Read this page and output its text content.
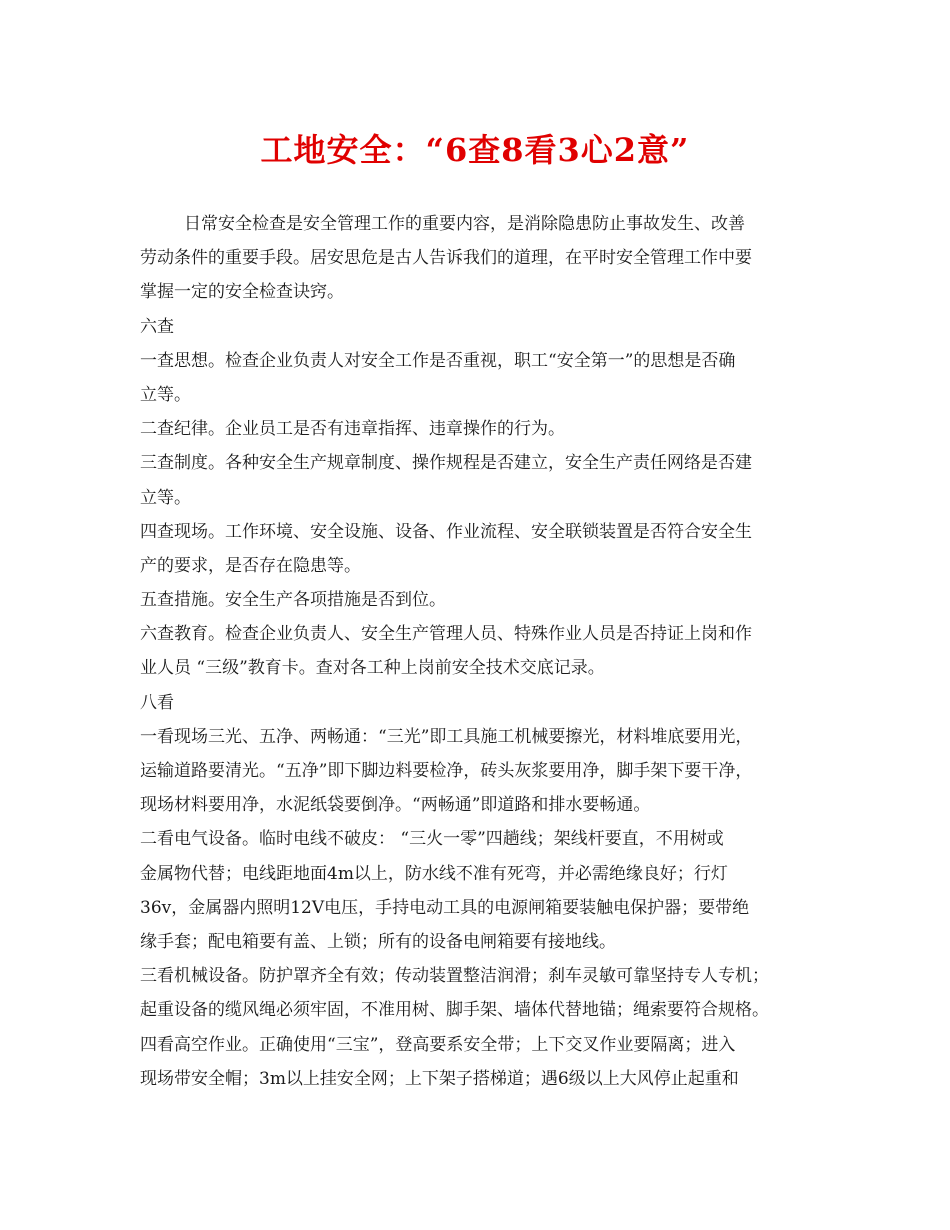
工地安全：“6查8看3心2意”
日常安全检查是安全管理工作的重要内容，是消除隐患防止事故发生、改善
劳动条件的重要手段。居安思危是古人告诉我们的道理，在平时安全管理工作中要
掌握一定的安全检查诀窍。
六查
一查思想。检查企业负责人对安全工作是否重视，职工“安全第一”的思想是否确
立等。
二查纪律。企业员工是否有违章指挥、违章操作的行为。
三查制度。各种安全生产规章制度、操作规程是否建立，安全生产责任网络是否建
立等。
四查现场。工作环境、安全设施、设备、作业流程、安全联锁装置是否符合安全生
产的要求，是否存在隐患等。
五查措施。安全生产各项措施是否到位。
六查教育。检查企业负责人、安全生产管理人员、特殊作业人员是否持证上岗和作
业人员 “三级”教育卡。查对各工种上岗前安全技术交底记录。
八看
一看现场三光、五净、两畅通：“三光”即工具施工机械要擦光，材料堆底要用光，
运输道路要清光。“五净”即下脚边料要检净，砖头灰浆要用净，脚手架下要干净，
现场材料要用净，水泥纸袋要倒净。“两畅通”即道路和排水要畅通。
二看电气设备。临时电线不破皮： “三火一零”四趟线；架线杆要直，不用树或
金属物代替；电线距地面4m以上，防水线不准有死弯，并必需绝缘良好；行灯
36v，金属器内照明12V电压，手持电动工具的电源闸箱要装触电保护器；要带绝
缘手套；配电箱要有盖、上锁；所有的设备电闸箱要有接地线。
三看机械设备。防护罩齐全有效；传动装置整洁润滑；刹车灵敏可靠坚持专人专机；
起重设备的缆风绳必须牢固，不准用树、脚手架、墙体代替地锚；绳索要符合规格。
四看高空作业。正确使用“三宝”，登高要系安全带；上下交叉作业要隔离；进入
现场带安全帽；3m以上挂安全网；上下架子搭梯道；遇6级以上大风停止起重和
